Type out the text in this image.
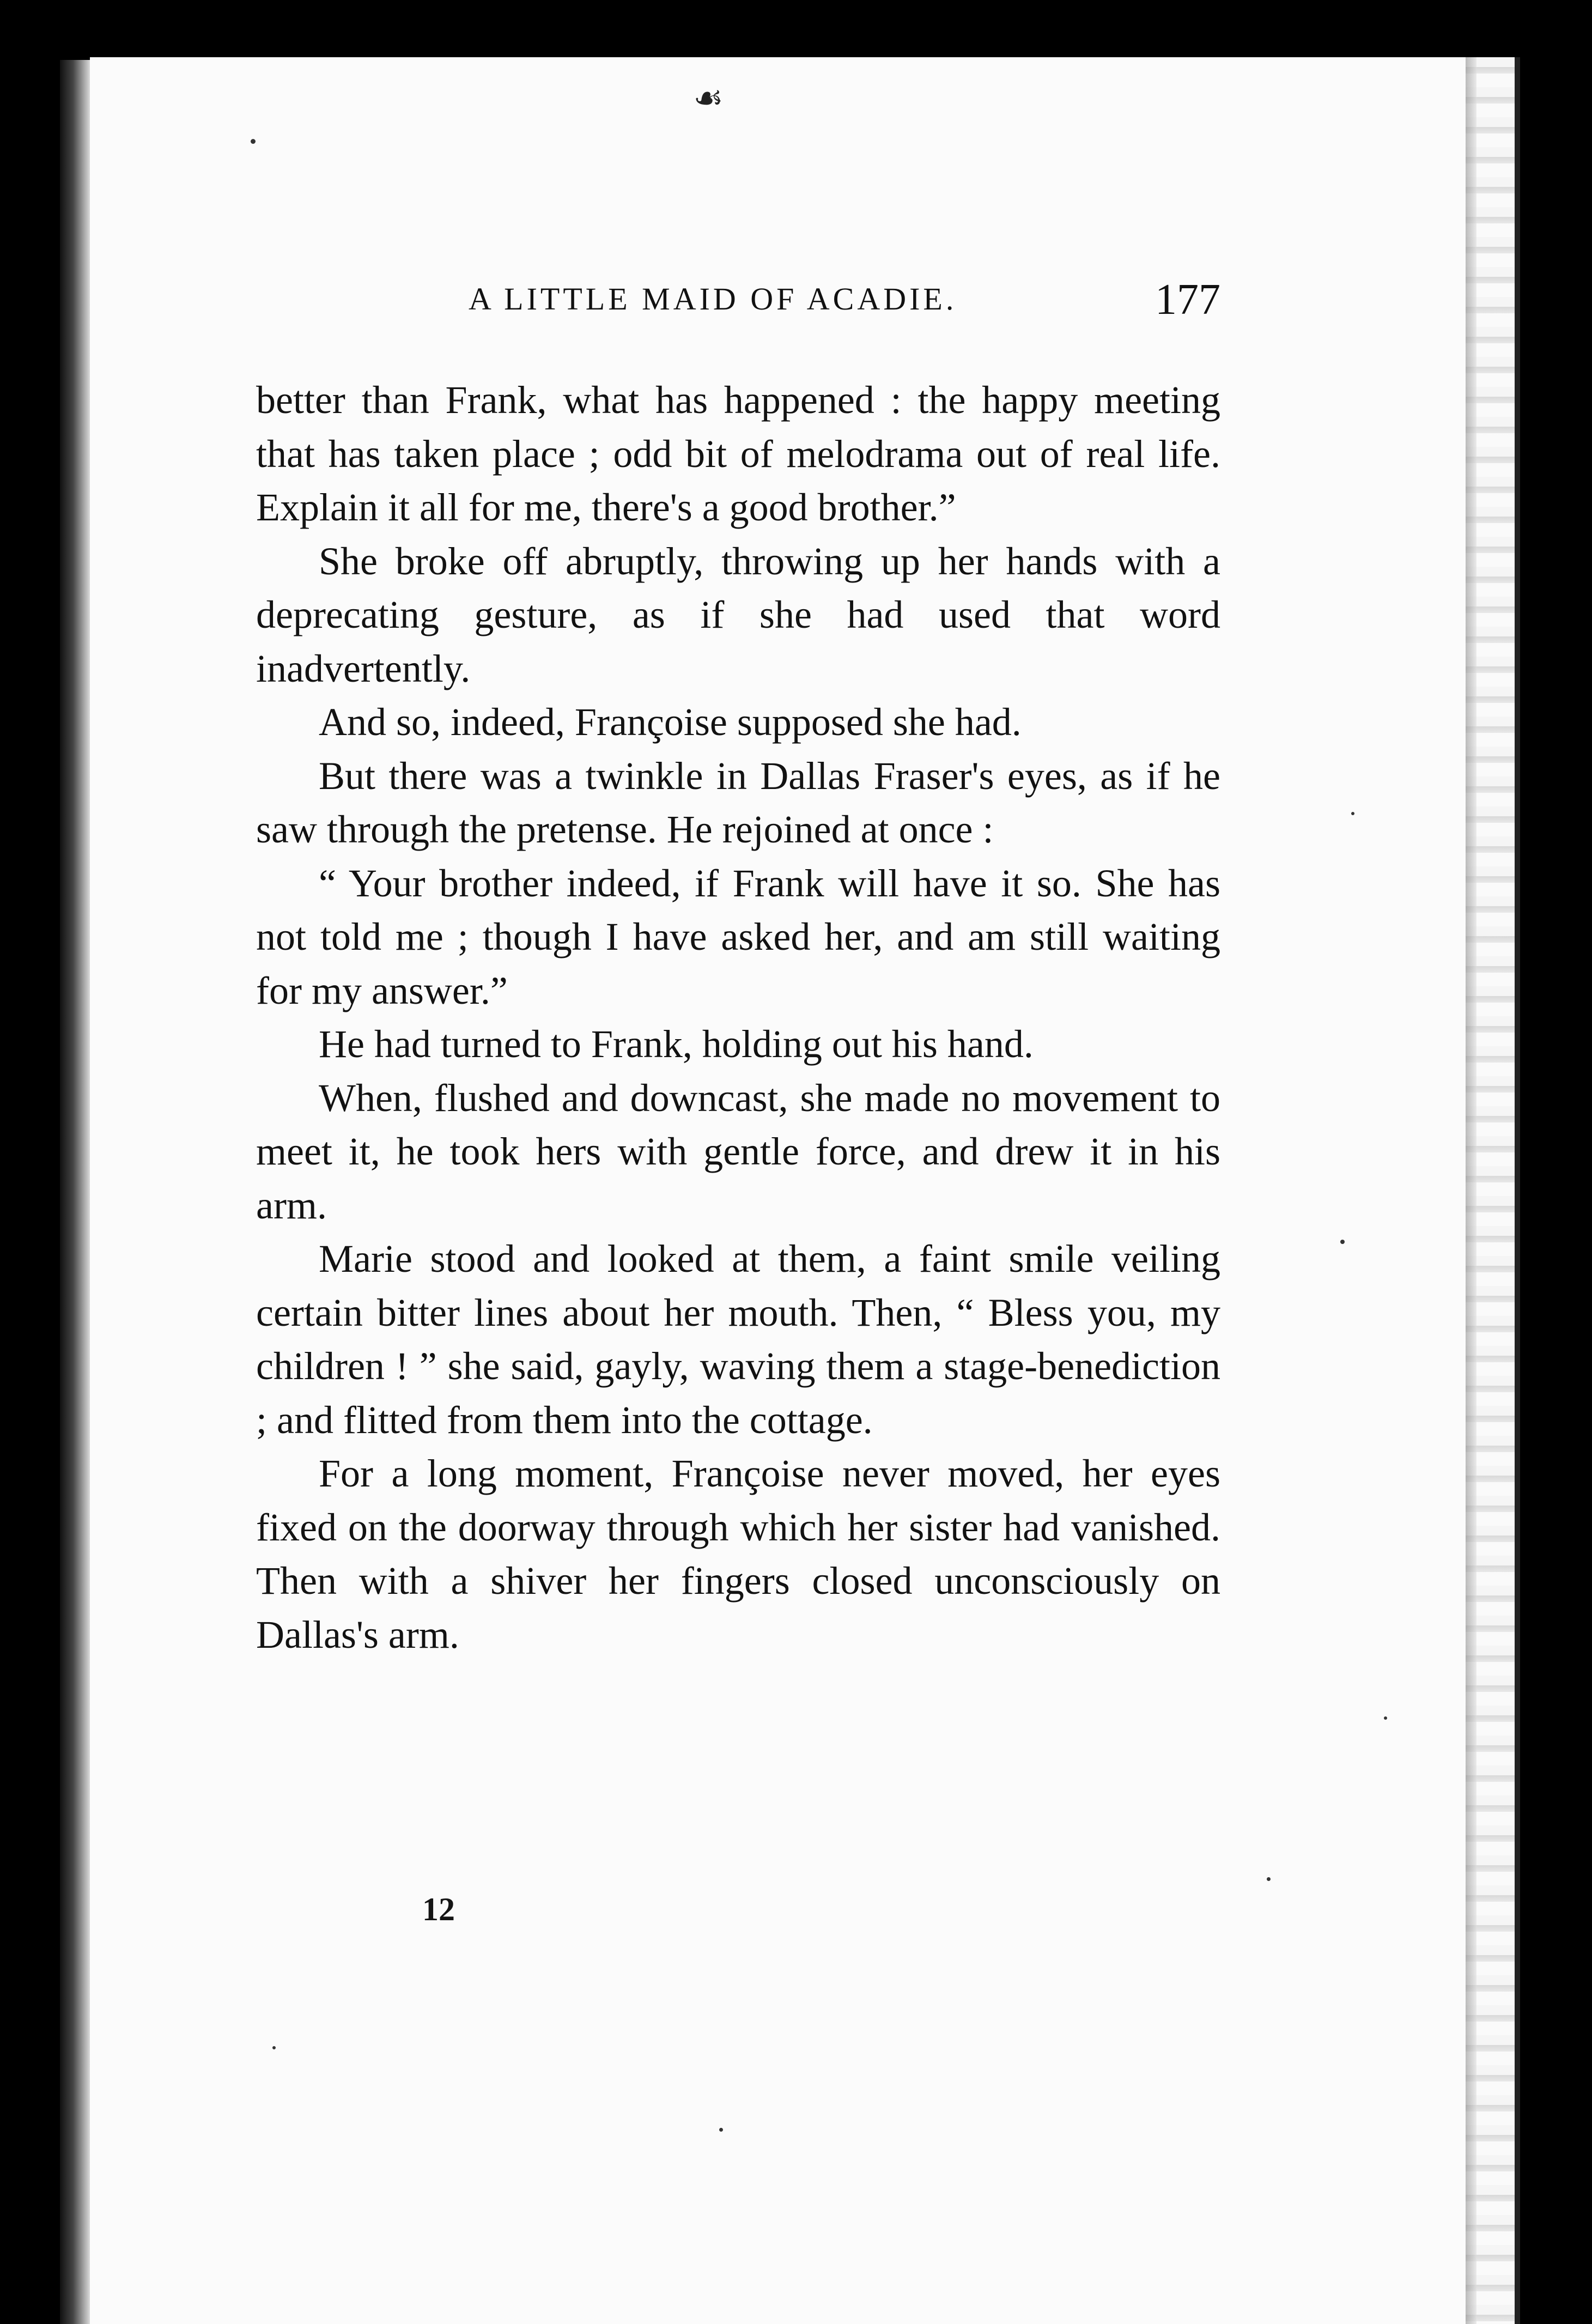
☙
A LITTLE MAID OF ACADIE.	177

better than Frank, what has happened : the happy meeting that has taken place ; odd bit of melodrama out of real life. Explain it all for me, there's a good brother.”

She broke off abruptly, throwing up her hands with a deprecating gesture, as if she had used that word inadvertently.

And so, indeed, Françoise supposed she had.

But there was a twinkle in Dallas Fraser's eyes, as if he saw through the pretense. He rejoined at once :

“ Your brother indeed, if Frank will have it so. She has not told me ; though I have asked her, and am still waiting for my answer.”

He had turned to Frank, holding out his hand.

When, flushed and downcast, she made no movement to meet it, he took hers with gentle force, and drew it in his arm.

Marie stood and looked at them, a faint smile veiling certain bitter lines about her mouth. Then, “ Bless you, my children ! ” she said, gayly, waving them a stage-benediction ; and flitted from them into the cottage.

For a long moment, Françoise never moved, her eyes fixed on the doorway through which her sister had vanished. Then with a shiver her fingers closed unconsciously on Dallas's arm.

12
